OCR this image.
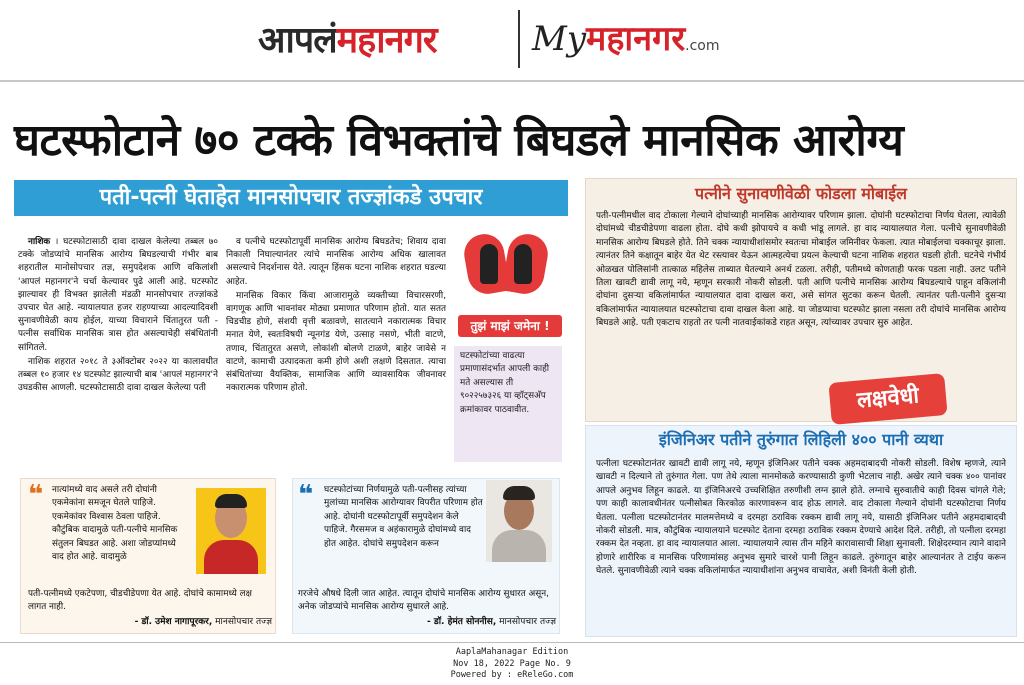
आपलंमहानगर	Myमहानगर.com
घटस्फोटाने ७० टक्के विभक्तांचे बिघडले मानसिक आरोग्य
पती-पत्नी घेताहेत मानसोपचार तज्ज्ञांकडे उपचार

नाशिक । घटस्फोटासाठी दावा दाखल केलेल्या तब्बल ७० टक्के जोडप्यांचे मानसिक आरोग्य बिघडल्याची गंभीर बाब शहरातील मानोसोपचार तज्ञ, समुपदेशक आणि वकिलांशी 'आपलं महानगर'ने चर्चा केल्यावर पुढे आली आहे. घटस्फोट झाल्यावर ही विभक्त झालेली मंडळी मानसोपचार तज्ज्ञांकडे उपचार घेत आहे. न्यायालयात हजर राहण्याच्या आदल्यादिवशी सुनावणीवेळी काय होईल, याच्या विचाराने चिंतातुरत पती - पत्नीस सर्वाधिक मानसिक त्रास होत असल्याचेही संबंधितांनी सांगितले.

नाशिक शहरात २०१८ ते ३ऑक्टोबर २०२२ या कालावधीत तब्बल १० हजार १४ घटस्फोट झाल्याची बाब 'आपलं महानगर'ने उघडकीस आणली. घटस्फोटासाठी दावा दाखल केलेल्या पती

व पत्नीचे घटस्फोटापूर्वी मानसिक आरोग्य बिघडतेच; शिवाय दावा निकाली निघाल्यानंतर त्यांचे मानसिक आरोग्य अधिक खालावत असल्याचे निदर्शनास येते. त्यातून हिंसक घटना नाशिक शहरात घडल्या आहेत.

मानसिक विकार किंवा आजारामुळे व्यक्तीच्या विचारसरणी, वागणूक आणि भावनांवर मोठ्या प्रमाणात परिणाम होतो. यात सतत चिडचीड होणे, संशयी वृत्ती बळावणे, सातत्याने नकारात्मक विचार मनात येणे, स्वतःविषयी न्यूनगंड येणे, उत्साह नसणे, भीती वाटणे, तणाव, चिंतातुरत असणे, लोकांशी बोलणे टाळणे, बाहेर जावेसे न वाटणे, कामाची उत्पादकता कमी होणे अशी लक्षणे दिसतात. त्याचा संबंधितांच्या वैयक्तिक, सामाजिक आणि व्यावसायिक जीवनावर नकारात्मक परिणाम होतो.

तुझं माझं जमेना !
घटस्फोटांच्या वाढत्या प्रमाणासंदर्भात आपली काही मते असल्यास ती ९०२२५७३२६ या व्हॉट्सअ‍ॅप क्रमांकावर पाठवावीत.
पत्नीने सुनावणीवेळी फोडला मोबाईल
पती-पत्नीमधील वाद टोकाला गेल्याने दोघांच्याही मानसिक आरोग्यावर परिणाम झाला. दोघांनी घटस्फोटाचा निर्णय घेतला, त्यावेळी दोघांमध्ये चीडचीडेपणा वाढला होता. दोघे कधी झोपायचे व कधी भांडू लागले. हा वाद न्यायालयात गेला. पत्नीचे सुनावणीवेळी मानसिक आरोग्य बिघडले होते. तिने चक्क न्यायाधीशांसमोर स्वतःचा मोबाईल जमिनीवर फेकला. त्यात मोबाईलचा चक्काचूर झाला. त्यानंतर तिने कक्षातून बाहेर येत थेट रस्त्यावर येऊन आत्महत्येचा प्रयत्न केल्याची घटना नाशिक शहरात घडली होती. घटनेचे गंभीर्य ओळखत पोलिसांनी तात्काळ महिलेस ताब्यात घेतल्याने अनर्थ टळला. तरीही, पतीमध्ये कोणताही फरक पडला नाही. उलट पतीने तिला खावटी द्यावी लागू नये, म्हणून सरकारी नोकरी सोडली. पती आणि पत्नीचे मानसिक आरोग्य बिघडल्याचे पाहून वकिलांनी दोघांना दुसऱ्या वकिलांमार्फत न्यायालयात दावा दाखल करा, असे सांगत सुटका करून घेतली. त्यानंतर पती-पत्नीने दुसऱ्या वकिलांमार्फत न्यायालयात घटस्फोटाचा दावा दाखल केला आहे. या जोडप्याचा घटस्फोट झाला नसला तरी दोघांचे मानसिक आरोग्य बिघडले आहे. पती एकटाच राहतो तर पत्नी नातवाईकांकडे राहत असून, त्यांच्यावर उपचार सुरु आहेत.
लक्षवेधी
इंजिनिअर पतीने तुरुंगात लिहिली ४०० पानी व्यथा
पत्नीला घटस्फोटानंतर खावटी द्यावी लागू नये, म्हणून इंजिनिअर पतीने चक्क अहमदाबादची नोकरी सोडली. विशेष म्हणजे, त्याने खावटी न दिल्याने तो तुरुंगात गेला. पण तेथे त्याला मानमोकळे करण्यासाठी कुणी भेटलाच नाही. अखेर त्याने चक्क ४०० पानांवर आपले अनुभव लिहून काढले. या इंजिनिअरचे उच्चशिक्षित तरुणीशी लग्न झाले होते. लग्नाचे सुरुवातीचे काही दिवस चांगले गेले; पण काही कालावधीनंतर पत्नीसोबत किरकोळ कारणावरून वाद होऊ लागले. वाद टोकाला गेल्याने दोघांनी घटस्फोटाचा निर्णय घेतला. पत्नीला घटस्फोटानंतर मालमत्तेमध्ये व दरमहा ठराविक रक्कम द्यावी लागू नये, यासाठी इंजिनिअर पतीने अहमदाबादची नोकरी सोडली. मात्र, कौटुंबिक न्यायालयाने घटस्फोट देताना दरमहा ठराविक रक्कम देण्याचे आदेश दिले. तरीही, तो पत्नीला दरमहा रक्कम देत नव्हता. हा वाद न्यायालयात आला. न्यायालयाने त्यास तीन महिने कारावासाची शिक्षा सुनावली. शिक्षेदरम्यान त्याने वादाने होणारे शारीरिक व मानसिक परिणामांसह अनुभव सुमारे चारशे पानी लिहून काढले. तुरुंगातून बाहेर आल्यानंतर ते टाईप करून घेतले. सुनावणीवेळी त्याने चक्क वकिलांमार्फत न्यायाधीशांना अनुभव वाचावेत, अशी विनंती केली होती.
❝ नात्यांमध्ये वाद असले तरी दोघांनी एकमेकांना समजून घेतले पाहिजे. एकमेकांवर विश्वास ठेवला पाहिजे. कौटुंबिक वादामुळे पती-पत्नीचे मानसिक संतुलन बिघडत आहे. अशा जोडप्यांमध्ये वाद होत आहे. वादामुळे
पती-पत्नीमध्ये एकटेपणा, चीडचीडेपणा येत आहे. दोघांचे कामामध्ये लक्ष लागत नाही.
- डॉ. उमेश नागापूरकर, मानसोपचार तज्ज्ञ
❝ घटस्फोटांच्या निर्णयामुळे पती-पत्नीसह त्यांच्या मुलांच्या मानसिक आरोग्यावर विपरीत परिणाम होत आहे. दोघांनी घटस्फोटापूर्वी समुपदेशन केले पाहिजे. गैरसमज व अहंकारामुळे दोघांमध्ये वाद होत आहेत. दोघांचे समुपदेशन करून
गरजेचे औषधे दिली जात आहेत. त्यातून दोघांचे मानसिक आरोग्य सुधारत असून, अनेक जोडप्यांचे मानसिक आरोग्य सुधारले आहे.
- डॉ. हेमंत सोननीस, मानसोपचार तज्ज्ञ
AaplaMahanagar Edition
Nov 18, 2022 Page No. 9
Powered by : eReleGo.com
